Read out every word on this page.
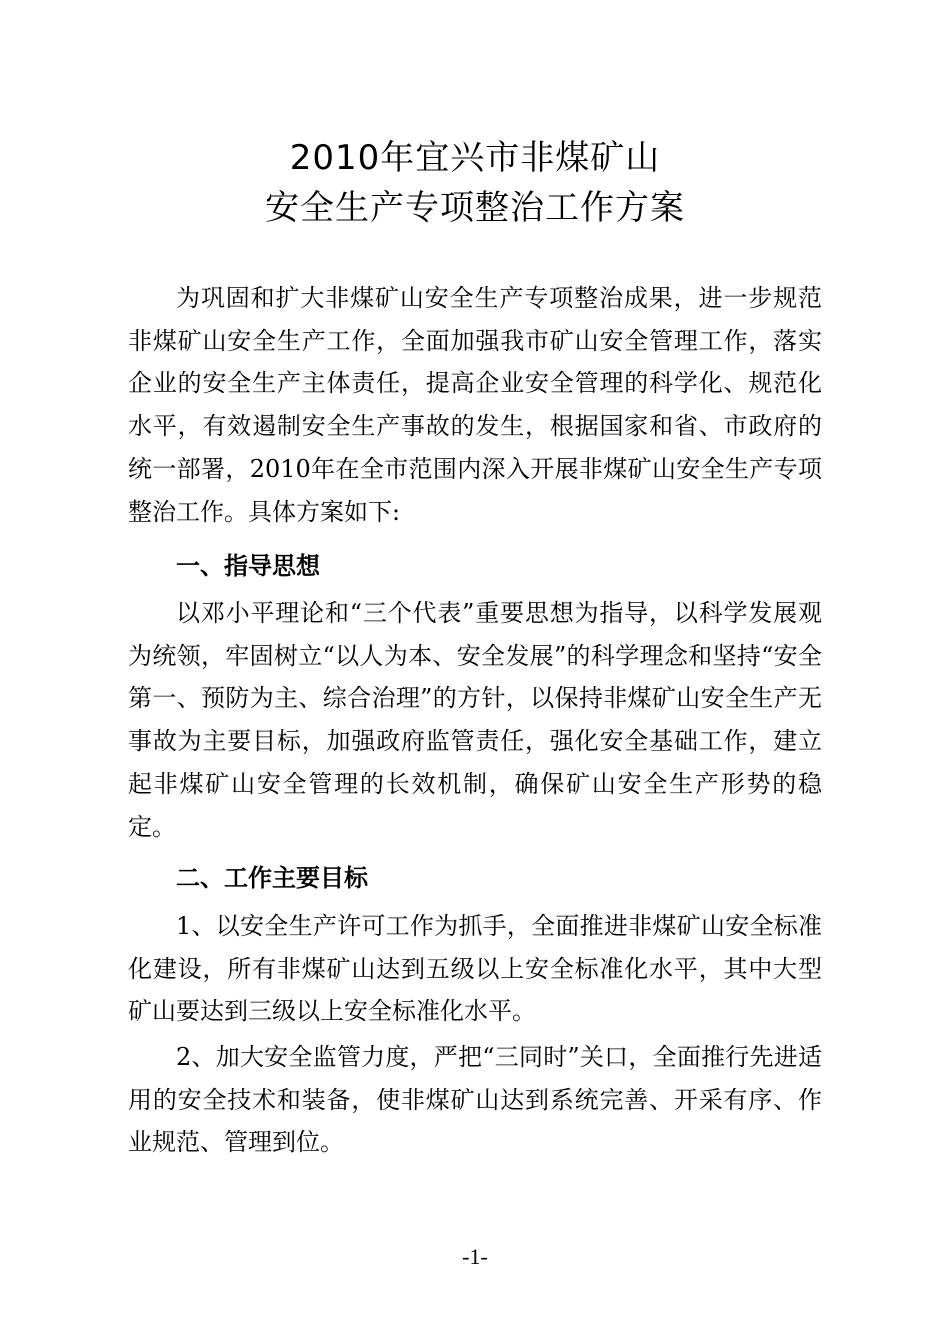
2010年宜兴市非煤矿山
安全生产专项整治工作方案

为巩固和扩大非煤矿山安全生产专项整治成果，进一步规范非煤矿山安全生产工作，全面加强我市矿山安全管理工作，落实企业的安全生产主体责任，提高企业安全管理的科学化、规范化水平，有效遏制安全生产事故的发生，根据国家和省、市政府的统一部署，2010年在全市范围内深入开展非煤矿山安全生产专项整治工作。具体方案如下:

一、指导思想

以邓小平理论和“三个代表”重要思想为指导，以科学发展观为统领，牢固树立“以人为本、安全发展”的科学理念和坚持“安全第一、预防为主、综合治理”的方针，以保持非煤矿山安全生产无事故为主要目标，加强政府监管责任，强化安全基础工作，建立起非煤矿山安全管理的长效机制，确保矿山安全生产形势的稳定。

二、工作主要目标

1、以安全生产许可工作为抓手，全面推进非煤矿山安全标准化建设，所有非煤矿山达到五级以上安全标准化水平，其中大型矿山要达到三级以上安全标准化水平。

2、加大安全监管力度，严把“三同时”关口，全面推行先进适用的安全技术和装备，使非煤矿山达到系统完善、开采有序、作业规范、管理到位。

-1-
